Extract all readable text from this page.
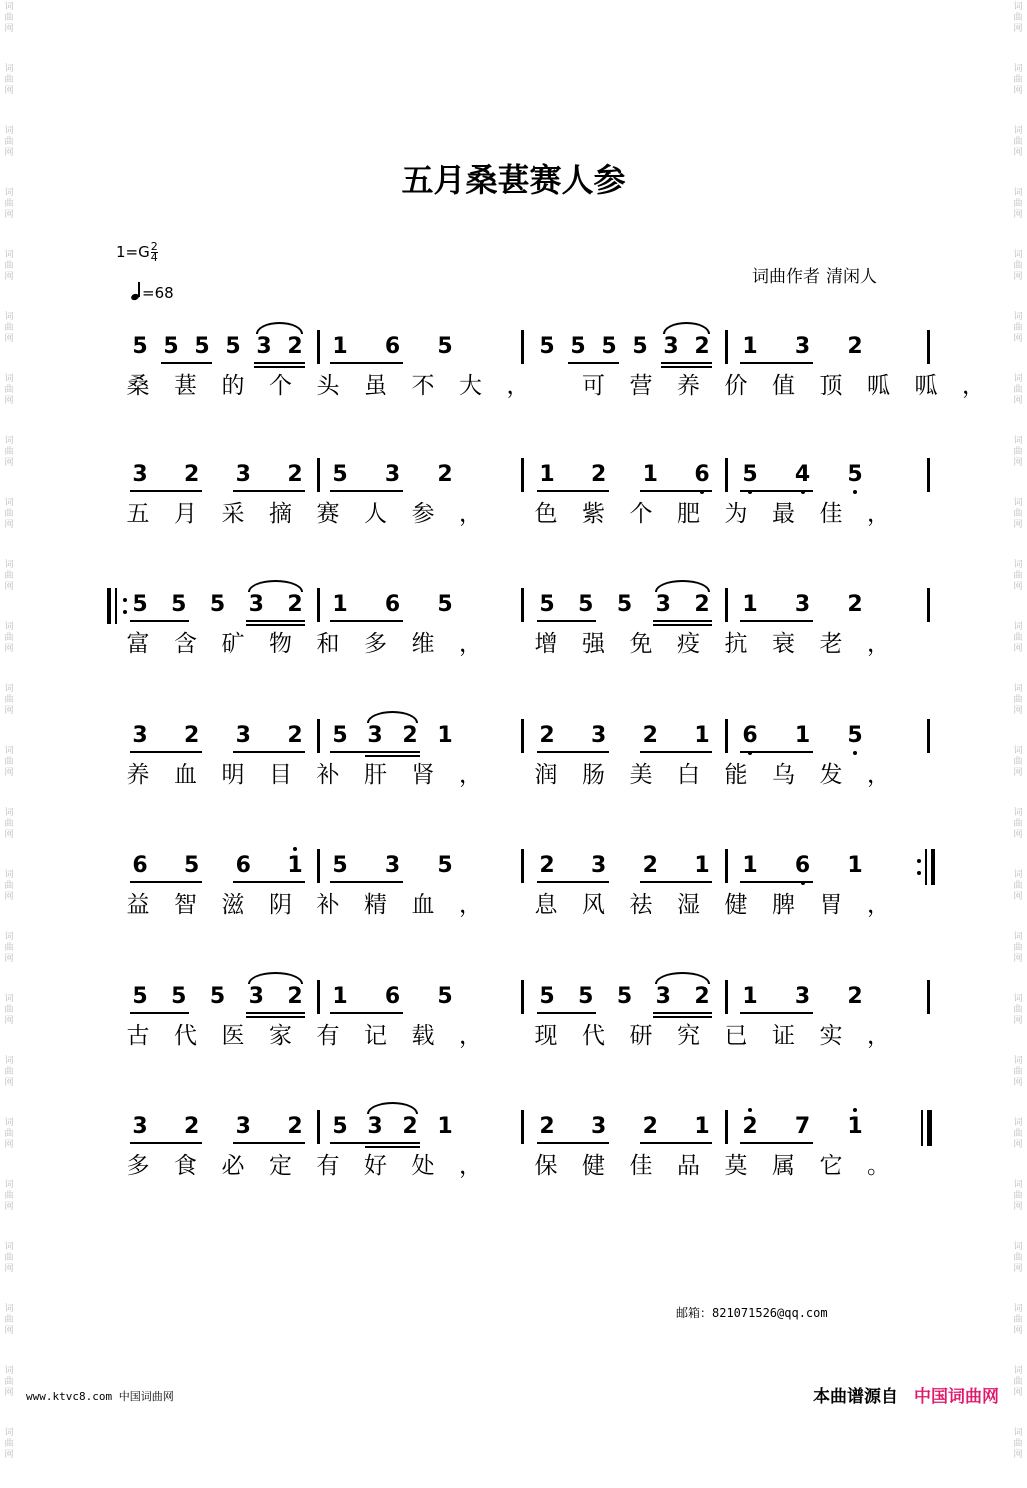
词
曲
网
词
曲
网
词
曲
网
词
曲
网
词
曲
网
词
曲
网
词
曲
网
词
曲
网
词
曲
网
词
曲
网
词
曲
网
词
曲
网
词
曲
网
词
曲
网
词
曲
网
词
曲
网
词
曲
网
词
曲
网
词
曲
网
词
曲
网
词
曲
网
词
曲
网
词
曲
网
词
曲
网
词
曲
网
词
曲
网
词
曲
网
词
曲
网
词
曲
网
词
曲
网
词
曲
网
词
曲
网
词
曲
网
词
曲
网
词
曲
网
词
曲
网
词
曲
网
词
曲
网
词
曲
网
词
曲
网
词
曲
网
词
曲
网
词
曲
网
词
曲
网
词
曲
网
词
曲
网
词
曲
网
词
曲
网
五月桑葚赛人参
$1=G \frac{2}{4}$
=68
词曲作者 清闲人
5 5 5 5 3 2 1 6 5	5 5 5 5 3 2 1 3 2
桑 葚 的 个 头 虽 不 大 ， 可 营 养 价 值 顶 呱 呱 ，
3 2 3 2 5 3 2	1 2 1 6 5 4 5
五 月 采 摘 赛 人 参 ， 色 紫 个 肥 为 最 佳 ，
5 5 5 3 2 1 6 5	5 5 5 3 2 1 3 2
富 含 矿 物 和 多 维 ， 增 强 免 疫 抗 衰 老 ，
3 2 3 2 5 3 2 1	2 3 2 1 6 1 5
养 血 明 目 补 肝 肾 ， 润 肠 美 白 能 乌 发 ，
6 5 6 1 5 3 5	2 3 2 1 1 6 1
益 智 滋 阴 补 精 血 ， 息 风 祛 湿 健 脾 胃 ，
5 5 5 3 2 1 6 5	5 5 5 3 2 1 3 2
古 代 医 家 有 记 载 ， 现 代 研 究 已 证 实 ，
3 2 3 2 5 3 2 1	2 3 2 1 2 7 1
多 食 必 定 有 好 处 ， 保 健 佳 品 莫 属 它 。
邮箱：821071526@qq.com
www.ktvc8.com 中国词曲网	本曲谱源自 中国词曲网
